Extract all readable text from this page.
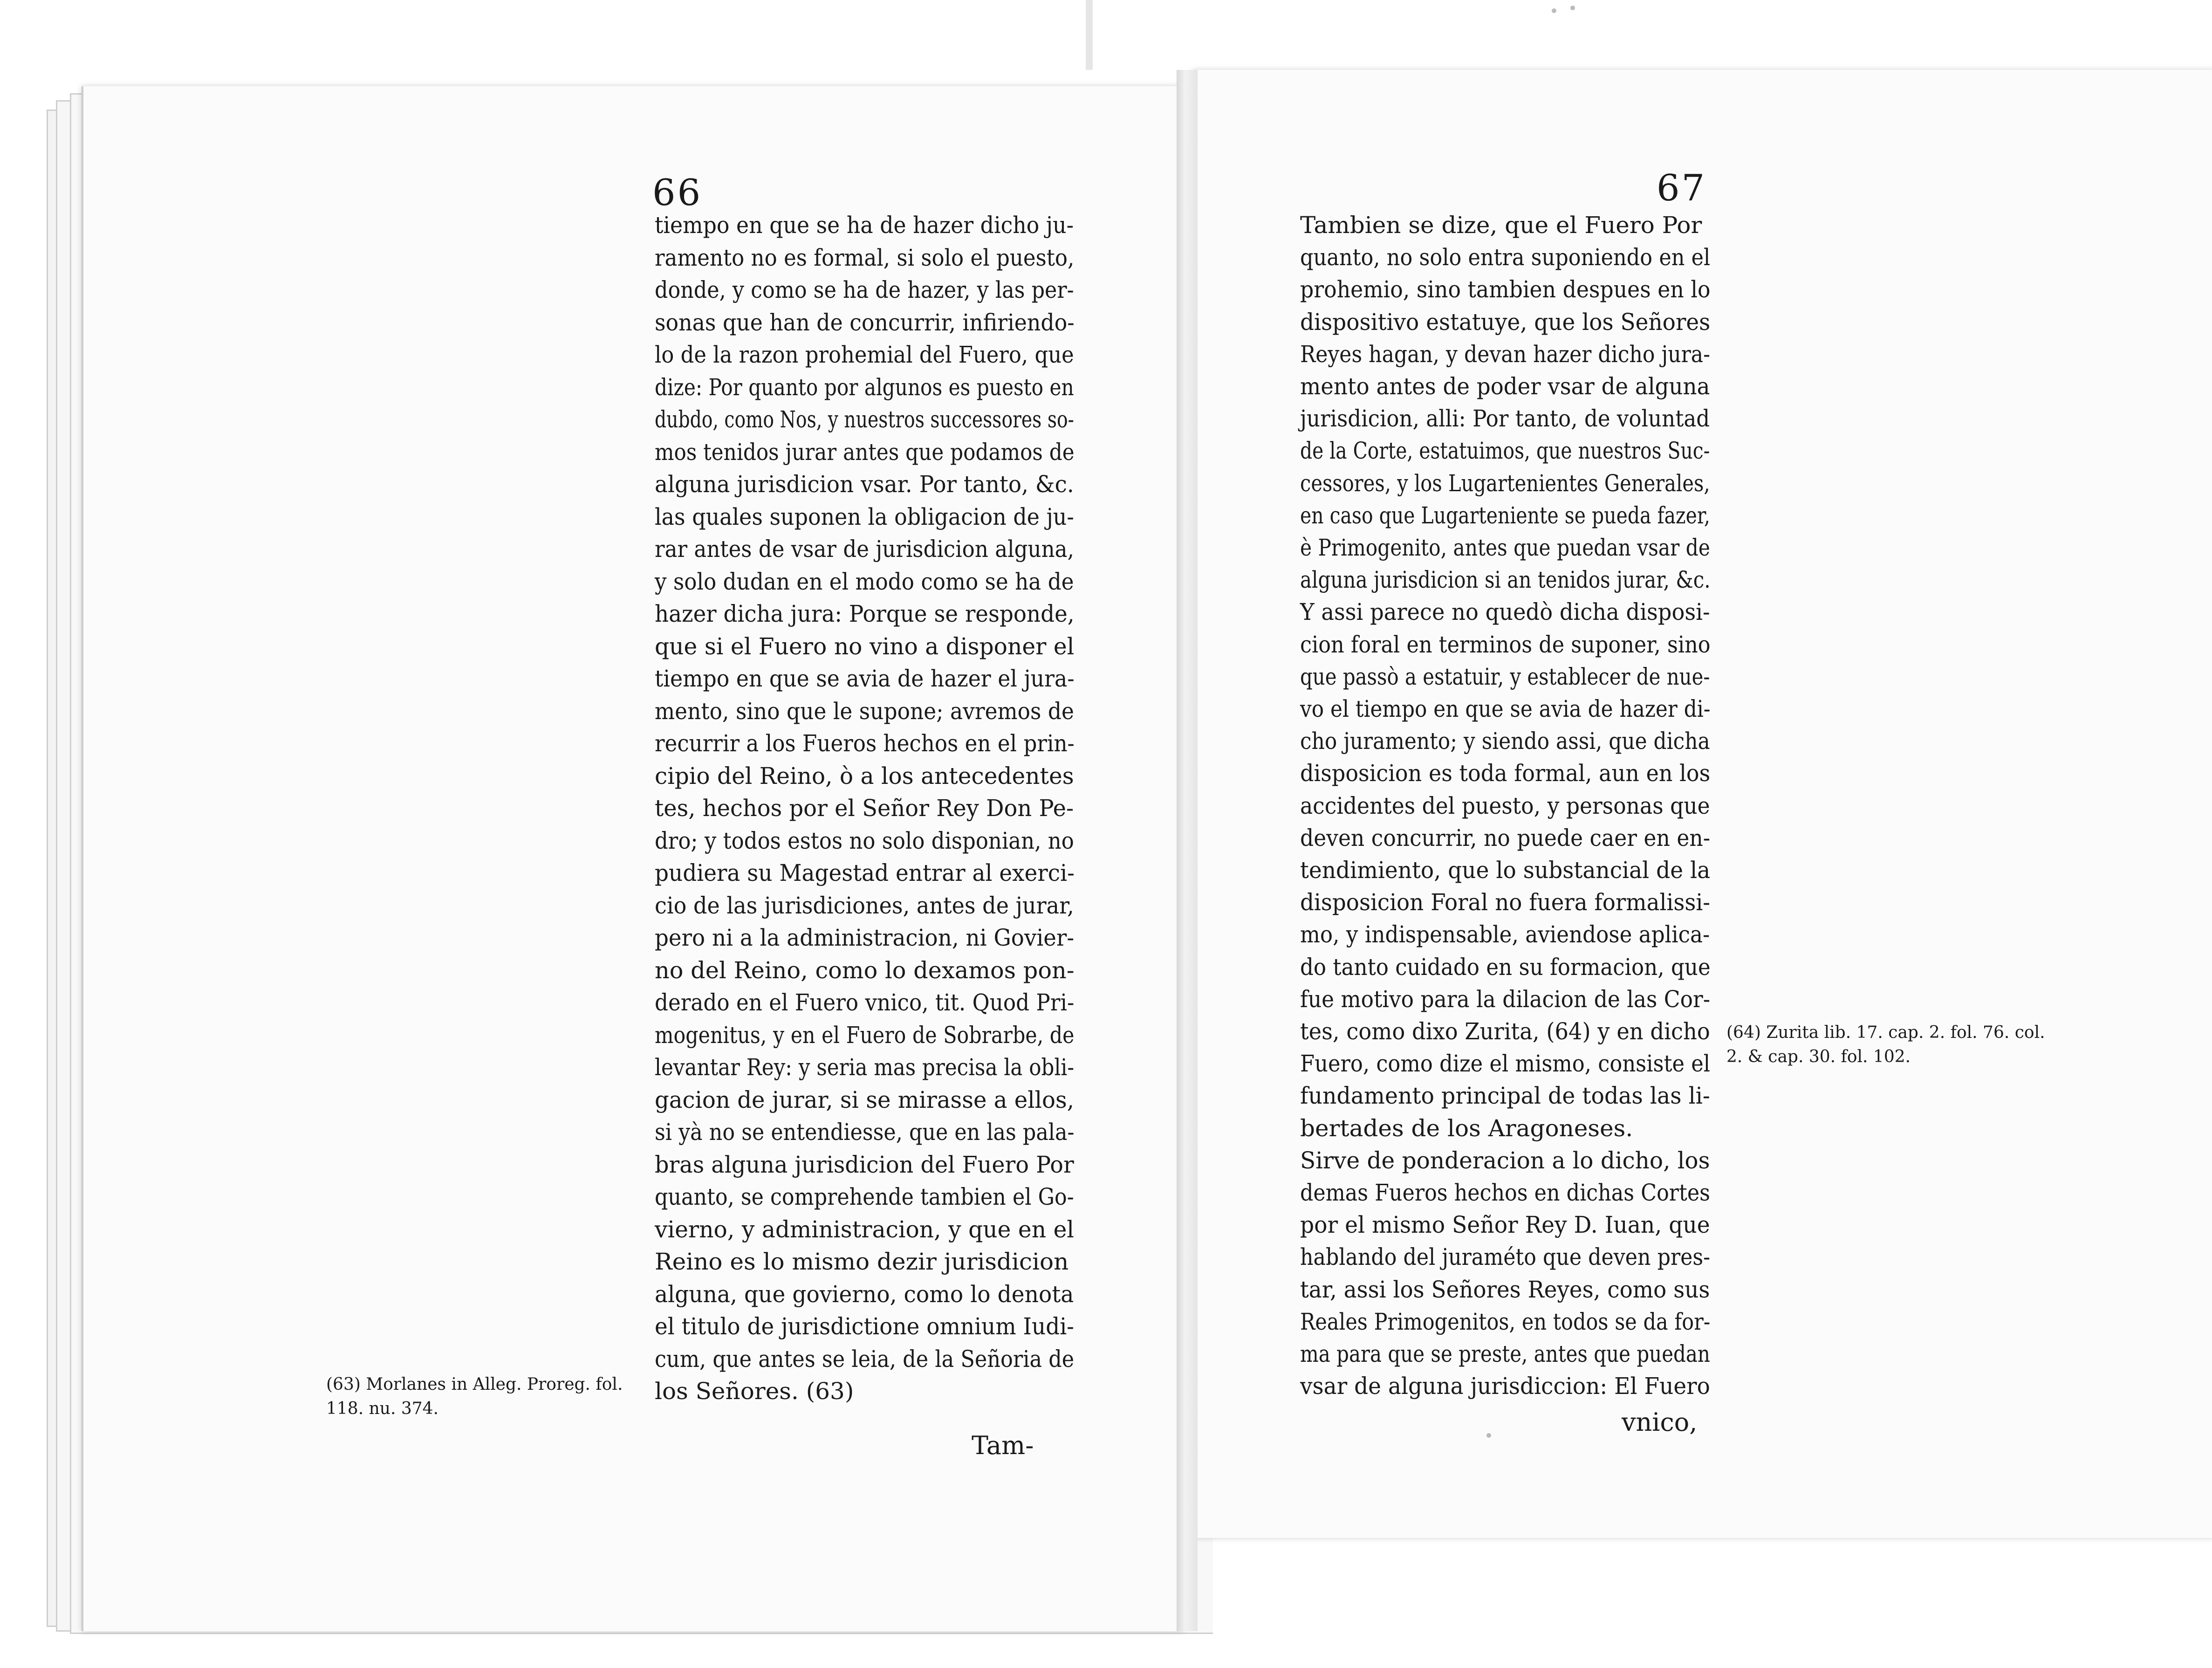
66
tiempo en que se ha de hazer dicho ju-
ramento no es formal, si solo el puesto,
donde, y como se ha de hazer, y las per-
sonas que han de concurrir, infiriendo-
lo de la razon prohemial del Fuero, que
dize: Por quanto por algunos es puesto en
dubdo, como Nos, y nuestros successores so-
mos tenidos jurar antes que podamos de
alguna jurisdicion vsar. Por tanto, &c.
las quales suponen la obligacion de ju-
rar antes de vsar de jurisdicion alguna,
y solo dudan en el modo como se ha de
hazer dicha jura: Porque se responde,
que si el Fuero no vino a disponer el
tiempo en que se avia de hazer el jura-
mento, sino que le supone; avremos de
recurrir a los Fueros hechos en el prin-
cipio del Reino, ò a los antecedentes
tes, hechos por el Señor Rey Don Pe-
dro; y todos estos no solo disponian, no
pudiera su Magestad entrar al exerci-
cio de las jurisdiciones, antes de jurar,
pero ni a la administracion, ni Govier-
no del Reino, como lo dexamos pon-
derado en el Fuero vnico, tit. Quod Pri-
mogenitus, y en el Fuero de Sobrarbe, de
levantar Rey: y seria mas precisa la obli-
gacion de jurar, si se mirasse a ellos,
si yà no se entendiesse, que en las pala-
bras alguna jurisdicion del Fuero Por
quanto, se comprehende tambien el Go-
vierno, y administracion, y que en el
Reino es lo mismo dezir jurisdicion
alguna, que govierno, como lo denota
el titulo de jurisdictione omnium Iudi-
cum, que antes se leia, de la Señoria de
los Señores. (63)
(63) Morlanes in Alleg. Proreg. fol.
118. nu. 374.
Tam-
67
Tambien se dize, que el Fuero Por
quanto, no solo entra suponiendo en el
prohemio, sino tambien despues en lo
dispositivo estatuye, que los Señores
Reyes hagan, y devan hazer dicho jura-
mento antes de poder vsar de alguna
jurisdicion, alli: Por tanto, de voluntad
de la Corte, estatuimos, que nuestros Suc-
cessores, y los Lugartenientes Generales,
en caso que Lugarteniente se pueda fazer,
è Primogenito, antes que puedan vsar de
alguna jurisdicion si an tenidos jurar, &c.
Y assi parece no quedò dicha disposi-
cion foral en terminos de suponer, sino
que passò a estatuir, y establecer de nue-
vo el tiempo en que se avia de hazer di-
cho juramento; y siendo assi, que dicha
disposicion es toda formal, aun en los
accidentes del puesto, y personas que
deven concurrir, no puede caer en en-
tendimiento, que lo substancial de la
disposicion Foral no fuera formalissi-
mo, y indispensable, aviendose aplica-
do tanto cuidado en su formacion, que
fue motivo para la dilacion de las Cor-
tes, como dixo Zurita, (64) y en dicho
Fuero, como dize el mismo, consiste el
fundamento principal de todas las li-
bertades de los Aragoneses.
Sirve de ponderacion a lo dicho, los
demas Fueros hechos en dichas Cortes
por el mismo Señor Rey D. Iuan, que
hablando del juraméto que deven pres-
tar, assi los Señores Reyes, como sus
Reales Primogenitos, en todos se da for-
ma para que se preste, antes que puedan
vsar de alguna jurisdiccion: El Fuero
(64) Zurita lib. 17. cap. 2. fol. 76. col.
2. & cap. 30. fol. 102.
vnico,
